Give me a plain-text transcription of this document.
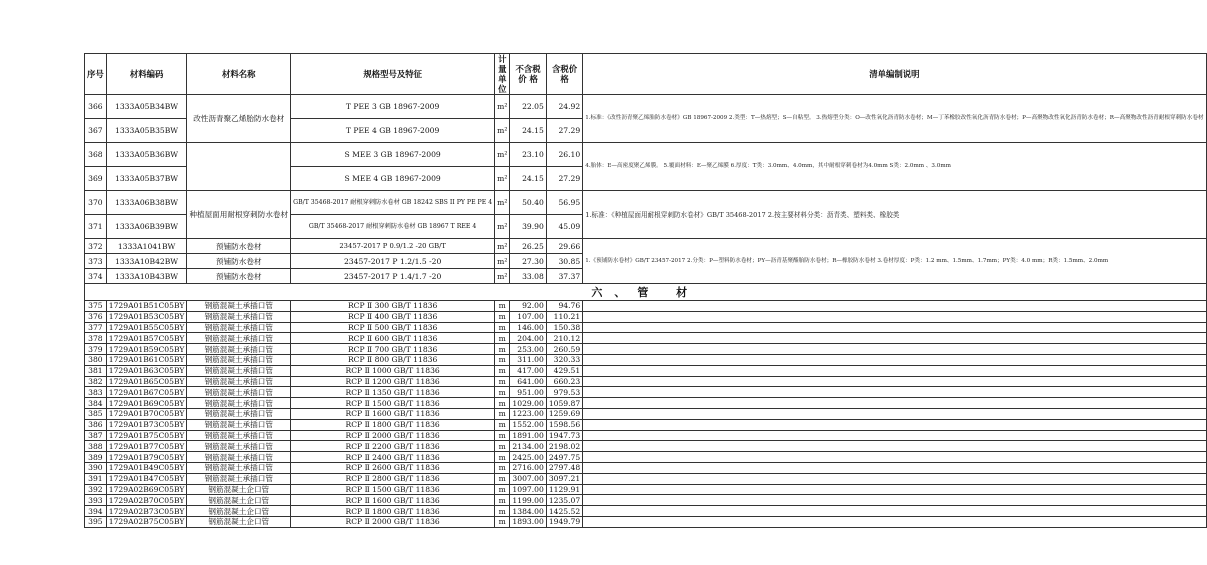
序号	材料编码	材料名称	规格型号及特征	计量单位	不含税价 格	含税价格	清单编制说明
366	1333A05B34BW	改性沥青聚乙烯胎防水卷材	T PEE 3 GB 18967-2009	m²	22.05	24.92	1.标准：《改性沥青聚乙烯胎防水卷材》GB 18967-2009 2.类型：T—热熔型；S—自粘型。 3.热熔型分类：O—改性氧化沥青防水卷材；M—丁苯橡胶改性氧化沥青防水卷材；P—高聚物改性氧化沥青防水卷材；R—高聚物改性沥青耐根穿刺防水卷材
367	1333A05B35BW		T PEE 4 GB 18967-2009	m²	24.15	27.29	
368	1333A05B36BW		S MEE 3 GB 18967-2009	m²	23.10	26.10	4.胎体：E—高密度聚乙烯膜。 5.覆面材料：E—聚乙烯膜 6.厚度：T类：3.0mm、4.0mm，其中耐根穿刺卷材为4.0mm S类：2.0mm 、3.0mm
369	1333A05B37BW		S MEE 4 GB 18967-2009	m²	24.15	27.29	
370	1333A06B38BW	种植屋面用耐根穿刺防水卷材	GB/T 35468-2017 耐根穿刺防水卷材 GB 18242 SBS II PY PE PE 4	m²	50.40	56.95	1.标准：《种植屋面用耐根穿刺防水卷材》GB/T 35468-2017 2.按主要材料分类：沥青类、塑料类、橡胶类
371	1333A06B39BW		GB/T 35468-2017 耐根穿刺防水卷材 GB 18967 T REE 4	m²	39.90	45.09	
372	1333A1041BW	预铺防水卷材	23457-2017 P 0.9/1.2 -20 GB/T	m²	26.25	29.66	1.《预铺防水卷材》GB/T 23457-2017 2.分类：P—塑料防水卷材；PY—沥青基聚酯胎防水卷材；R—橡胶防水卷材 3.卷材厚度：P类：1.2 mm、1.5mm、1.7mm；PY类：4.0 mm；R类：1.5mm、2.0mm
373	1333A10B42BW	预铺防水卷材	23457-2017 P 1.2/1.5 -20	m²	27.30	30.85	
374	1333A10B43BW	预铺防水卷材	23457-2017 P 1.4/1.7 -20	m²	33.08	37.37	
六、管 材							
375	1729A01B51C05BY	钢筋混凝土承插口管	RCP Ⅱ 300 GB/T 11836	m	92.00	94.76	
376	1729A01B53C05BY	钢筋混凝土承插口管	RCP Ⅱ 400 GB/T 11836	m	107.00	110.21	
377	1729A01B55C05BY	钢筋混凝土承插口管	RCP Ⅱ 500 GB/T 11836	m	146.00	150.38	
378	1729A01B57C05BY	钢筋混凝土承插口管	RCP Ⅱ 600 GB/T 11836	m	204.00	210.12	
379	1729A01B59C05BY	钢筋混凝土承插口管	RCP Ⅱ 700 GB/T 11836	m	253.00	260.59	
380	1729A01B61C05BY	钢筋混凝土承插口管	RCP Ⅱ 800 GB/T 11836	m	311.00	320.33	
381	1729A01B63C05BY	钢筋混凝土承插口管	RCP Ⅱ 1000 GB/T 11836	m	417.00	429.51	
382	1729A01B65C05BY	钢筋混凝土承插口管	RCP Ⅱ 1200 GB/T 11836	m	641.00	660.23	
383	1729A01B67C05BY	钢筋混凝土承插口管	RCP Ⅱ 1350 GB/T 11836	m	951.00	979.53	
384	1729A01B69C05BY	钢筋混凝土承插口管	RCP Ⅱ 1500 GB/T 11836	m	1029.00	1059.87	
385	1729A01B70C05BY	钢筋混凝土承插口管	RCP Ⅱ 1600 GB/T 11836	m	1223.00	1259.69	
386	1729A01B73C05BY	钢筋混凝土承插口管	RCP Ⅱ 1800 GB/T 11836	m	1552.00	1598.56	
387	1729A01B75C05BY	钢筋混凝土承插口管	RCP Ⅱ 2000 GB/T 11836	m	1891.00	1947.73	
388	1729A01B77C05BY	钢筋混凝土承插口管	RCP Ⅱ 2200 GB/T 11836	m	2134.00	2198.02	
389	1729A01B79C05BY	钢筋混凝土承插口管	RCP Ⅱ 2400 GB/T 11836	m	2425.00	2497.75	
390	1729A01B49C05BY	钢筋混凝土承插口管	RCP Ⅱ 2600 GB/T 11836	m	2716.00	2797.48	
391	1729A01B47C05BY	钢筋混凝土承插口管	RCP Ⅱ 2800 GB/T 11836	m	3007.00	3097.21	
392	1729A02B69C05BY	钢筋混凝土企口管	RCP Ⅱ 1500 GB/T 11836	m	1097.00	1129.91	
393	1729A02B70C05BY	钢筋混凝土企口管	RCP Ⅱ 1600 GB/T 11836	m	1199.00	1235.07	
394	1729A02B73C05BY	钢筋混凝土企口管	RCP Ⅱ 1800 GB/T 11836	m	1384.00	1425.52	
395	1729A02B75C05BY	钢筋混凝土企口管	RCP Ⅱ 2000 GB/T 11836	m	1893.00	1949.79	
